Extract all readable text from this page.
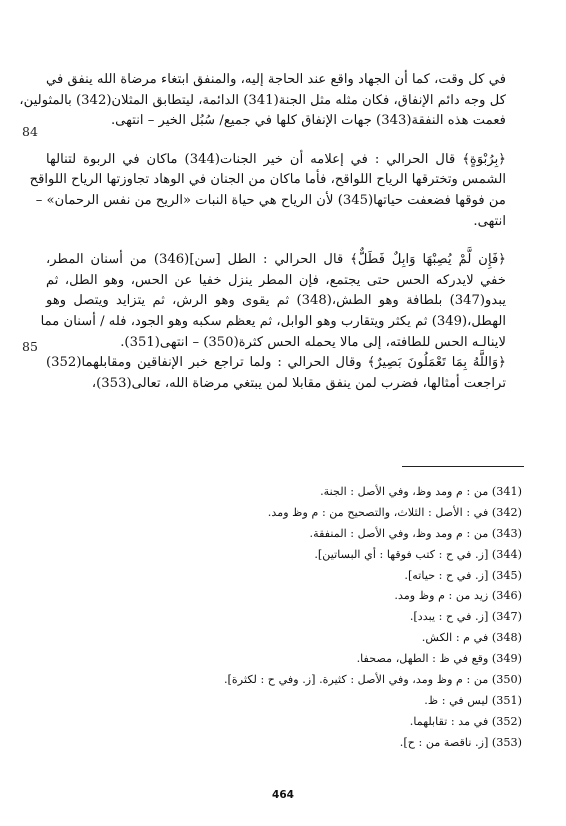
في كل وقت، كما أن الجهاد واقع عند الحاجة إليه، والمنفق ابتغاء مرضاة الله ينفق في
كل وجه دائم الإنفاق، فكان مثله مثل الجنة(341) الدائمة، ليتطابق المثلان(342) بالمثولين،
فعمت هذه النفقة(343) جهات الإنفاق كلها في جميع/ سُبُل الخير – انتهى.
﴿بِرُبْوَةٍ﴾ قال الحرالي : في إعلامه أن خير الجنات(344) ماكان في الربوة لتنالها
الشمس وتخترقها الرياح اللواقح، فأما ماكان من الجنان في الوهاد تجاوزتها الرياح اللواقح
من فوقها فضعفت حياتها(345) لأن الرياح هي حياة النبات «الريح من نفس الرحمان» –
انتهى.
﴿فَإِن لَّمْ يُصِبْهَا وَابِلٌ فَطَلٌّ﴾ قال الحرالي : الطل [سن](346) من أسنان المطر،
خفي لايدركه الحس حتى يجتمع، فإن المطر ينزل خفيا عن الحس، وهو الطل، ثم
يبدو(347) بلطافة وهو الطش،(348) ثم يقوى وهو الرش، ثم يتزايد ويتصل وهو
الهطل،(349) ثم يكثر ويتقارب وهو الوابل، ثم يعظم سكبه وهو الجود، فله / أسنان مما
لاينالـه الحس للطافته، إلى مالا يحمله الحس كثرة(350) – انتهى(351).
﴿وَاللَّهُ بِمَا تَعْمَلُونَ بَصِيرٌ﴾ وقال الحرالي : ولما تراجع خبر الإنفاقين ومقابلهما(352)
تراجعت أمثالها، فضرب لمن ينفق مقابلا لمن يبتغي مرضاة الله، تعالى(353)،
84
85
(341) من : م ومد وظ، وفي الأصل : الجنة.
(342) في : الأصل : الثلاث، والتصحيح من : م وظ ومد.
(343) من : م ومد وظ، وفي الأصل : المنفقة.
(344) [ز. في ح : كتب فوقها : أي البساتين].
(345) [ز. في ح : حياته].
(346) زيد من : م وظ ومد.
(347) [ز. في ح : يبدد].
(348) في م : الكش.
(349) وقع في ظ : الطهل، مصحفا.
(350) من : م وظ ومد، وفي الأصل : كثيرة. [ز. وفي ح : لكثرة].
(351) ليس في : ظ.
(352) في مد : تقابلهما.
(353) [ز. ناقصة من : ح].
464
